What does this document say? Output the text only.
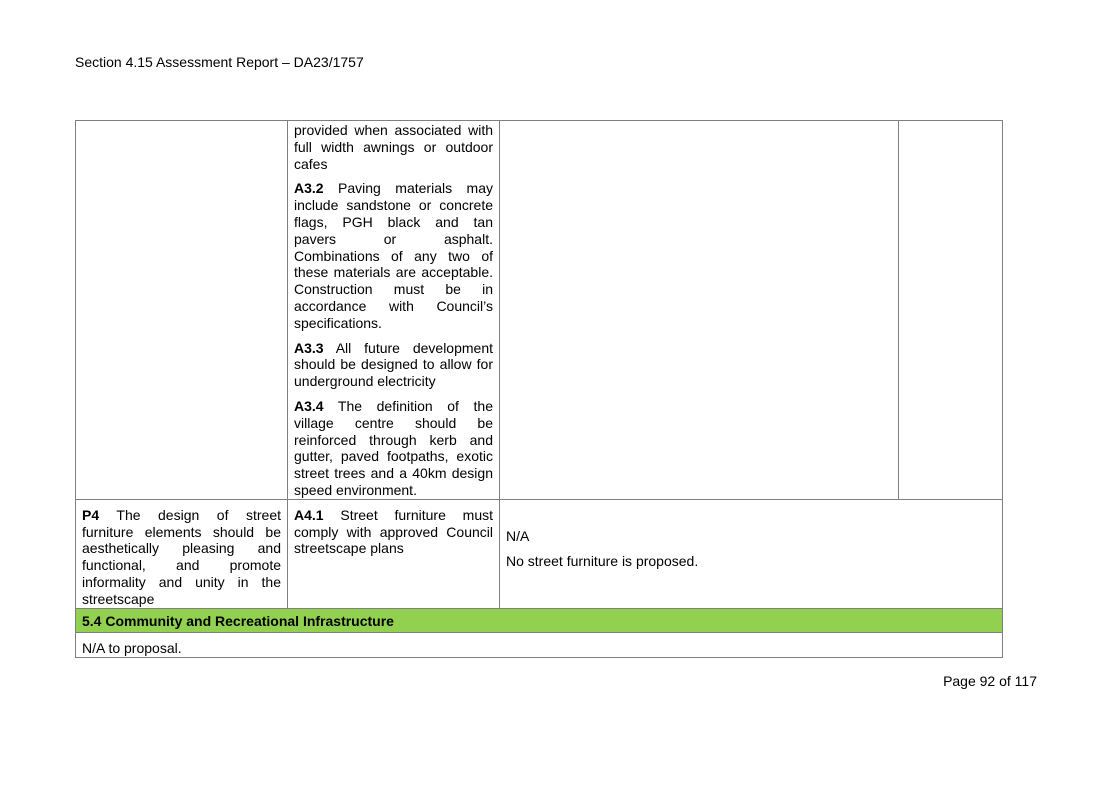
Section 4.15 Assessment Report – DA23/1757

	provided when associated with full width awnings or outdoor cafes

A3.2 Paving materials may include sandstone or concrete flags, PGH black and tan pavers or asphalt. Combinations of any two of these materials are acceptable. Construction must be in accordance with Council’s specifications.

A3.3 All future development should be designed to allow for underground electricity

A3.4 The definition of the village centre should be reinforced through kerb and gutter, paved footpaths, exotic street trees and a 40km design speed environment.		

P4 The design of street furniture elements should be aesthetically pleasing and functional, and promote informality and unity in the streetscape	A4.1 Street furniture must comply with approved Council streetscape plans	N/A
No street furniture is proposed.	

5.4 Community and Recreational Infrastructure			
N/A to proposal.			
Page 92 of 117
